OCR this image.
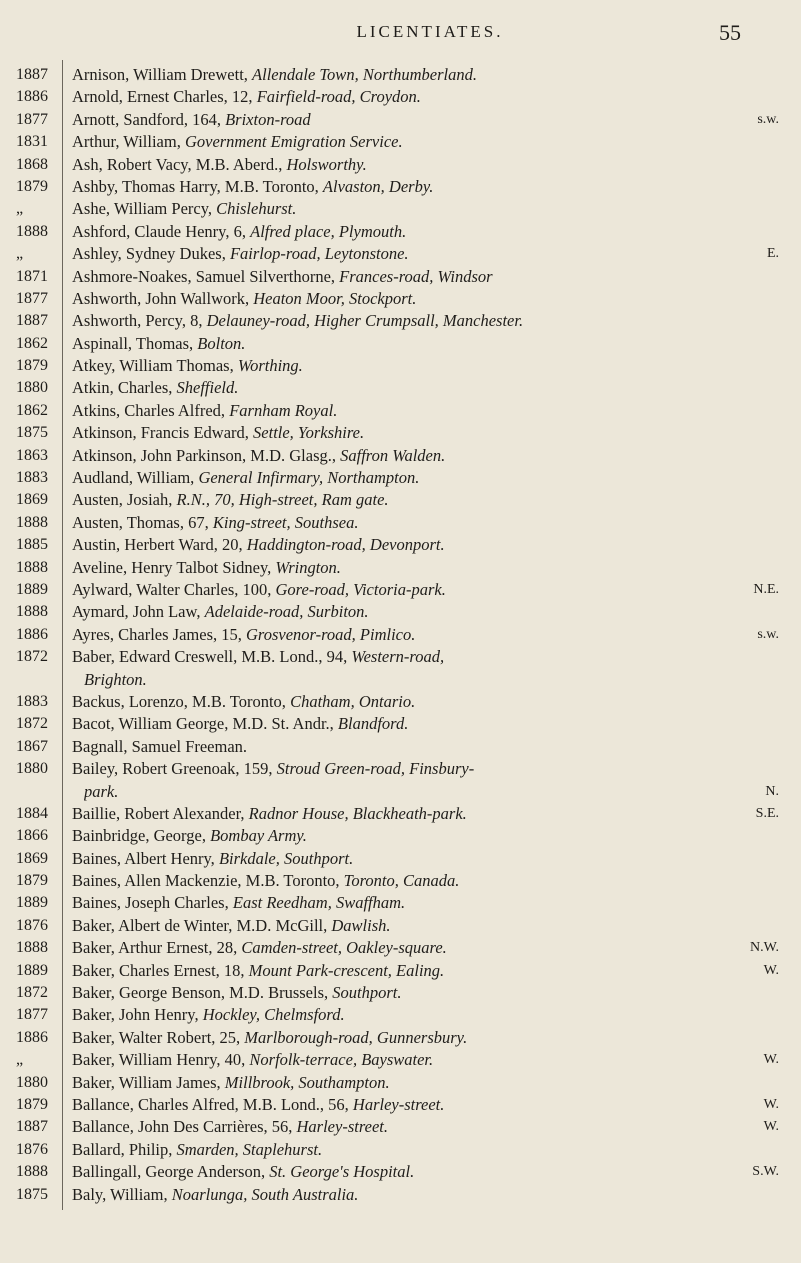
LICENTIATES.	55
1887	Arnison, William Drewett, Allendale Town, Northumberland.
1886	Arnold, Ernest Charles, 12, Fairfield-road, Croydon.
1877	Arnott, Sandford, 164, Brixton-road	s.w.
1831	Arthur, William, Government Emigration Service.
1868	Ash, Robert Vacy, M.B. Aberd., Holsworthy.
1879	Ashby, Thomas Harry, M.B. Toronto, Alvaston, Derby.
„	Ashe, William Percy, Chislehurst.
1888	Ashford, Claude Henry, 6, Alfred place, Plymouth.
„	Ashley, Sydney Dukes, Fairlop-road, Leytonstone.	E.
1871	Ashmore-Noakes, Samuel Silverthorne, Frances-road, Windsor
1877	Ashworth, John Wallwork, Heaton Moor, Stockport.
1887	Ashworth, Percy, 8, Delauney-road, Higher Crumpsall, Manchester.
1862	Aspinall, Thomas, Bolton.
1879	Atkey, William Thomas, Worthing.
1880	Atkin, Charles, Sheffield.
1862	Atkins, Charles Alfred, Farnham Royal.
1875	Atkinson, Francis Edward, Settle, Yorkshire.
1863	Atkinson, John Parkinson, M.D. Glasg., Saffron Walden.
1883	Audland, William, General Infirmary, Northampton.
1869	Austen, Josiah, R.N., 70, High-street, Ram gate.
1888	Austen, Thomas, 67, King-street, Southsea.
1885	Austin, Herbert Ward, 20, Haddington-road, Devonport.
1888	Aveline, Henry Talbot Sidney, Wrington.
1889	Aylward, Walter Charles, 100, Gore-road, Victoria-park.	N.E.
1888	Aymard, John Law, Adelaide-road, Surbiton.
1886	Ayres, Charles James, 15, Grosvenor-road, Pimlico.	s.w.
1872	Baber, Edward Creswell, M.B. Lond., 94, Western-road,
Brighton.
1883	Backus, Lorenzo, M.B. Toronto, Chatham, Ontario.
1872	Bacot, William George, M.D. St. Andr., Blandford.
1867	Bagnall, Samuel Freeman.
1880	Bailey, Robert Greenoak, 159, Stroud Green-road, Finsbury-
park.	N.
1884	Baillie, Robert Alexander, Radnor House, Blackheath-park.	S.E.
1866	Bainbridge, George, Bombay Army.
1869	Baines, Albert Henry, Birkdale, Southport.
1879	Baines, Allen Mackenzie, M.B. Toronto, Toronto, Canada.
1889	Baines, Joseph Charles, East Reedham, Swaffham.
1876	Baker, Albert de Winter, M.D. McGill, Dawlish.
1888	Baker, Arthur Ernest, 28, Camden-street, Oakley-square.	N.W.
1889	Baker, Charles Ernest, 18, Mount Park-crescent, Ealing.	W.
1872	Baker, George Benson, M.D. Brussels, Southport.
1877	Baker, John Henry, Hockley, Chelmsford.
1886	Baker, Walter Robert, 25, Marlborough-road, Gunnersbury.
„	Baker, William Henry, 40, Norfolk-terrace, Bayswater.	W.
1880	Baker, William James, Millbrook, Southampton.
1879	Ballance, Charles Alfred, M.B. Lond., 56, Harley-street.	W.
1887	Ballance, John Des Carrières, 56, Harley-street.	W.
1876	Ballard, Philip, Smarden, Staplehurst.
1888	Ballingall, George Anderson, St. George's Hospital.	S.W.
1875	Baly, William, Noarlunga, South Australia.
